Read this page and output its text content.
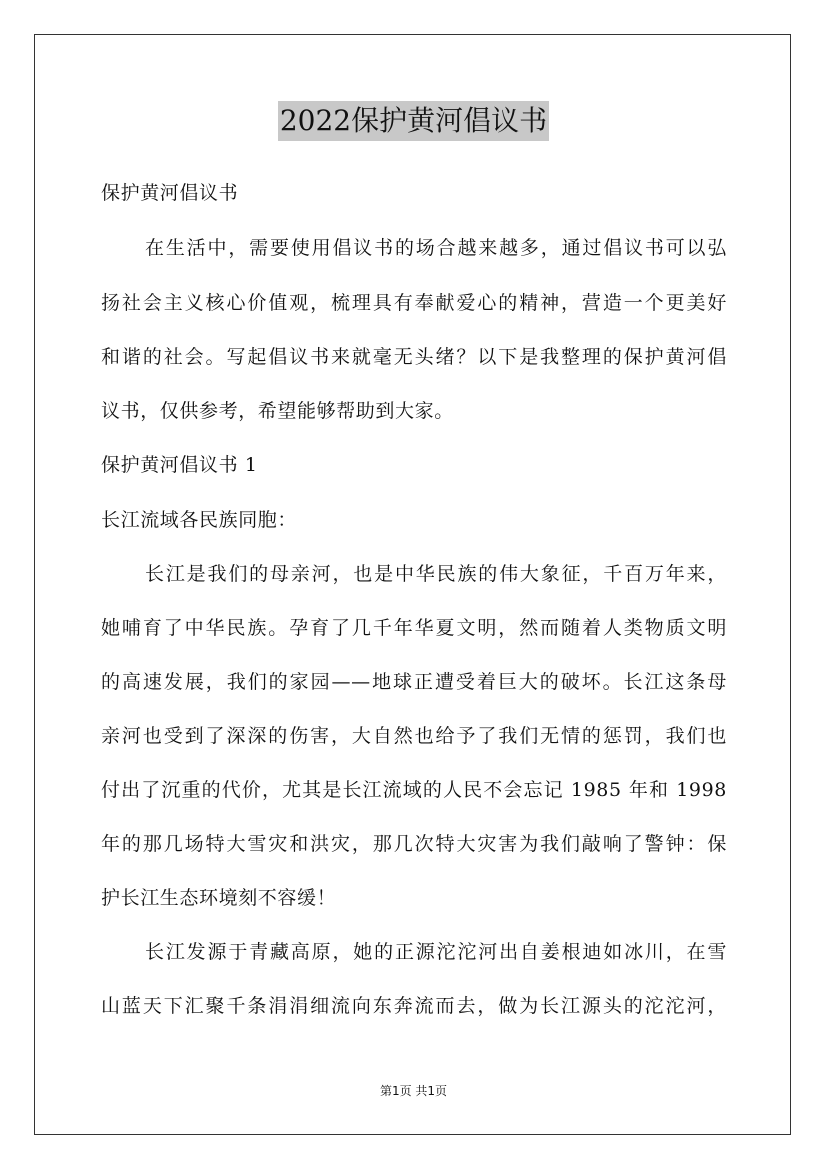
2022保护黄河倡议书
保护黄河倡议书
在生活中，需要使用倡议书的场合越来越多，通过倡议书可以弘
扬社会主义核心价值观，梳理具有奉献爱心的精神，营造一个更美好
和谐的社会。写起倡议书来就毫无头绪？以下是我整理的保护黄河倡
议书，仅供参考，希望能够帮助到大家。
保护黄河倡议书 1
长江流域各民族同胞：
长江是我们的母亲河，也是中华民族的伟大象征，千百万年来，
她哺育了中华民族。孕育了几千年华夏文明，然而随着人类物质文明
的高速发展，我们的家园——地球正遭受着巨大的破坏。长江这条母
亲河也受到了深深的伤害，大自然也给予了我们无情的惩罚，我们也
付出了沉重的代价，尤其是长江流域的人民不会忘记 1985 年和 1998
年的那几场特大雪灾和洪灾，那几次特大灾害为我们敲响了警钟：保
护长江生态环境刻不容缓！
长江发源于青藏高原，她的正源沱沱河出自姜根迪如冰川，在雪
山蓝天下汇聚千条涓涓细流向东奔流而去，做为长江源头的沱沱河，
第1页 共1页
